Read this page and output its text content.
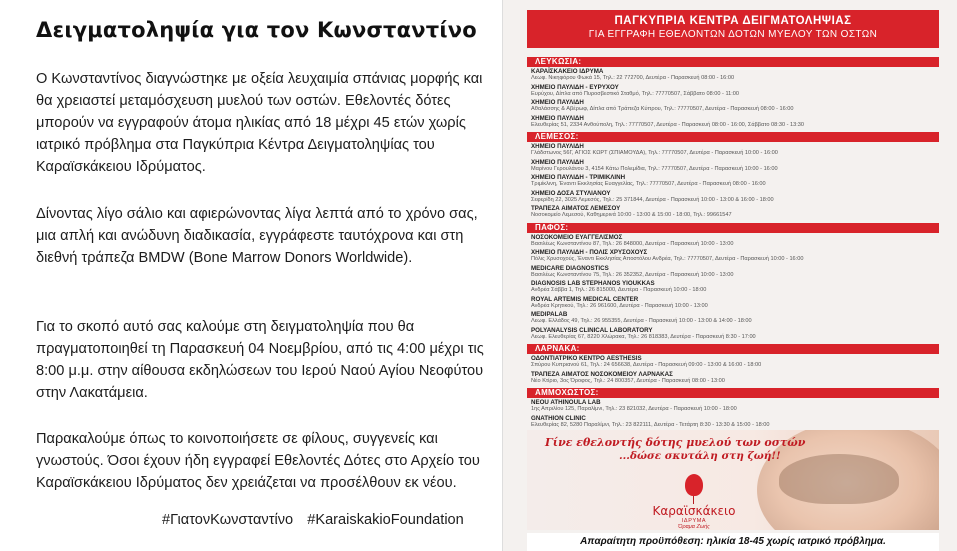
Δειγματοληψία για τον Κωνσταντίνο

Ο Κωνσταντίνος διαγνώστηκε με οξεία λευχαιμία σπάνιας μορφής και θα χρειαστεί μεταμόσχευση μυελού των οστών. Εθελοντές δότες μπορούν να εγγραφούν άτομα ηλικίας από 18 μέχρι 45 ετών χωρίς ιατρικό πρόβλημα στα Παγκύπρια Κέντρα Δειγματοληψίας του Καραϊσκάκειου Ιδρύματος.

Δίνοντας λίγο σάλιο και αφιερώνοντας λίγα λεπτά από το χρόνο σας, μια απλή και ανώδυνη διαδικασία, εγγράφεστε ταυτόχρονα και στη διεθνή τράπεζα BMDW (Bone Marrow Donors Worldwide).

Για το σκοπό αυτό σας καλούμε στη δειγματοληψία που θα πραγματοποιηθεί τη Παρασκευή 04 Νοεμβρίου, από τις 4:00 μέχρι τις 8:00 μ.μ. στην αίθουσα εκδηλώσεων του Ιερού Ναού Αγίου Νεοφύτου στην Λακατάμεια.

Παρακαλούμε όπως το κοινοποιήσετε σε φίλους, συγγενείς και γνωστούς. Όσοι έχουν ήδη εγγραφεί Εθελοντές Δότες στο Αρχείο του Καραϊσκάκειου Ιδρύματος δεν χρειάζεται να προσέλθουν εκ νέου.

#ΓιατονΚωνσταντίνο #KaraiskakioFoundation
ΠΑΓΚΥΠΡΙΑ ΚΕΝΤΡΑ ΔΕΙΓΜΑΤΟΛΗΨΙΑΣ
ΓΙΑ ΕΓΓΡΑΦΗ ΕΘΕΛΟΝΤΩΝ ΔΟΤΩΝ ΜΥΕΛΟΥ ΤΩΝ ΟΣΤΩΝ
ΛΕΥΚΩΣΙΑ:
ΚΑΡΑΪΣΚΑΚΕΙΟ ΙΔΡΥΜΑ
Λεωφ. Νικηφόρου Φωκά 15, Τηλ.: 22 772700, Δευτέρα - Παρασκευή 08:00 - 16:00
ΧΗΜΕΙΟ ΠΑΥΛΙΔΗ - ΕΥΡΥΧΟΥ
Ευρύχου, Δίπλα από Πυροσβεστικό Σταθμό, Τηλ.: 77770507, Σάββατο 08:00 - 11:00
ΧΗΜΕΙΟ ΠΑΥΛΙΔΗ
Αθαλάσσης & Αβέρωφ, Δίπλα από Τράπεζα Κύπρου, Τηλ.: 77770507, Δευτέρα - Παρασκευή 08:00 - 16:00
ΧΗΜΕΙΟ ΠΑΥΛΙΔΗ
Ελευθερίας 51, 2334 Ανθούπολη, Τηλ.: 77770507, Δευτέρα - Παρασκευή 08:00 - 16:00, Σάββατο 08:30 - 13:30
ΛΕΜΕΣΟΣ:
ΧΗΜΕΙΟ ΠΑΥΛΙΔΗ
Γλάδστωνος 56Γ, ΑΓΙΟΣ ΚΩΡΤ (ΣΠΙΑΜΟΥΔΑ), Τηλ.: 77770507, Δευτέρα - Παρασκευή 10:00 - 16:00
ΧΗΜΕΙΟ ΠΑΥΛΙΔΗ
Μαρίνου Γερουλάνου 3, 4154 Κάτω Πολεμίδια, Τηλ.: 77770507, Δευτέρα - Παρασκευή 10:00 - 16:00
ΧΗΜΕΙΟ ΠΑΥΛΙΔΗ - ΤΡΙΜΙΚΛΙΝΗ
Τριμίκλινη, Έναντι Εκκλησίας Ευαγγελίας, Τηλ.: 77770507, Δευτέρα - Παρασκευή 08:00 - 16:00
ΧΗΜΕΙΟ ΔΟΣΑ ΣΤΥΛΙΑΝΟΥ
Σεφερίδη 22, 3025 Λεμεσός, Τηλ.: 25 371844, Δευτέρα - Παρασκευή 10:00 - 13:00 & 16:00 - 18:00
ΤΡΑΠΕΖΑ ΑΙΜΑΤΟΣ ΛΕΜΕΣΟΥ
Νοσοκομείο Λεμεσού, Καθημερινά 10:00 - 13:00 & 15:00 - 18:00, Τηλ.: 99661547
ΠΑΦΟΣ:
ΝΟΣΟΚΟΜΕΙΟ ΕΥΑΓΓΕΛΙΣΜΟΣ
Βασιλέως Κωνσταντίνου 87, Τηλ.: 26 848000, Δευτέρα - Παρασκευή 10:00 - 13:00
ΧΗΜΕΙΟ ΠΑΥΛΙΔΗ - ΠΟΛΙΣ ΧΡΥΣΟΧΟΥΣ
Πόλις Χρυσοχούς, Έναντι Εκκλησίας Αποστόλου Ανδρέα, Τηλ.: 77770507, Δευτέρα - Παρασκευή 10:00 - 16:00
MEDICARE DIAGNOSTICS
Βασιλέως Κωνσταντίνου 75, Τηλ.: 26 352352, Δευτέρα - Παρασκευή 10:00 - 13:00
DIAGNOSIS LAB STEPHANOS YIOUKKAS
Ανδρέα Σάββα 1, Τηλ.: 26 815000, Δευτέρα - Παρασκευή 10:00 - 18:00
ROYAL ARTEMIS MEDICAL CENTER
Ανδρέα Κρητικού, Τηλ.: 26 961600, Δευτέρα - Παρασκευή 10:00 - 13:00
MEDIPALAB
Λεωφ. Ελλάδος 49, Τηλ.: 26 955355, Δευτέρα - Παρασκευή 10:00 - 13:00 & 14:00 - 18:00
POLYANALYSIS CLINICAL LABORATORY
Λεωφ. Ελευθερίας 67, 8220 Χλώρακα, Τηλ.: 26 818383, Δευτέρα - Παρασκευή 8:30 - 17:00
ΛΑΡΝΑΚΑ:
ΟΔΟΝΤΙΑΤΡΙΚΟ ΚΕΝΤΡΟ AESTHESIS
Σπύρου Κυπριανού 61, Τηλ.: 24 656638, Δευτέρα - Παρασκευή 09:00 - 13:00 & 16:00 - 18:00
ΤΡΑΠΕΖΑ ΑΙΜΑΤΟΣ ΝΟΣΟΚΟΜΕΙΟΥ ΛΑΡΝΑΚΑΣ
Νέο Κτίριο, 3ος Όροφος, Τηλ.: 24 800357, Δευτέρα - Παρασκευή 08:00 - 13:00
ΑΜΜΟΧΩΣΤΟΣ:
NEOU ATHINOULA LAB
1ης Απριλίου 125, Παραλίμνι, Τηλ.: 23 821032, Δευτέρα - Παρασκευή 10:00 - 18:00
GNATHION CLINIC
Ελευθερίας 82, 5280 Παραλίμνι, Τηλ.: 23 822111, Δευτέρα - Τετάρτη 8:30 - 13:30 & 15:00 - 18:00
Γίνε εθελοντής δότης μυελού των οστών
...δώσε σκυτάλη στη ζωή!!
Καραϊσκάκειο
ΙΔΡΥΜΑ
Όραμα Ζωής
Απαραίτητη προϋπόθεση: ηλικία 18-45 χωρίς ιατρικό πρόβλημα.
